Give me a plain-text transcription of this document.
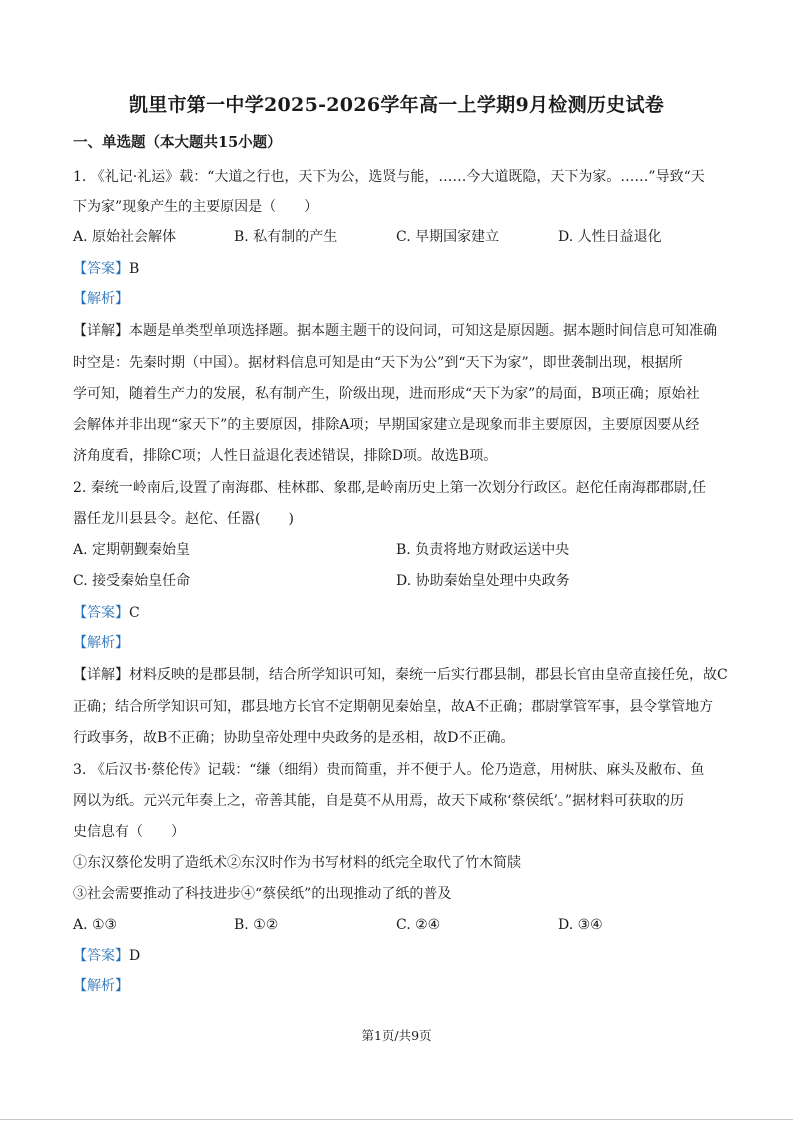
凯里市第一中学2025-2026学年高一上学期9月检测历史试卷
一、单选题（本大题共15小题）
1. 《礼记·礼运》载：“大道之行也，天下为公，选贤与能，……今大道既隐，天下为家。……”导致“天
下为家”现象产生的主要原因是（　　）
A. 原始社会解体	B. 私有制的产生	C. 早期国家建立	D. 人性日益退化
【答案】B
【解析】
【详解】本题是单类型单项选择题。据本题主题干的设问词，可知这是原因题。据本题时间信息可知准确
时空是：先秦时期（中国）。据材料信息可知是由“天下为公”到“天下为家”，即世袭制出现，根据所
学可知，随着生产力的发展，私有制产生，阶级出现，进而形成“天下为家”的局面，B项正确；原始社
会解体并非出现“家天下”的主要原因，排除A项；早期国家建立是现象而非主要原因，主要原因要从经
济角度看，排除C项；人性日益退化表述错误，排除D项。故选B项。
2. 秦统一岭南后,设置了南海郡、桂林郡、象郡,是岭南历史上第一次划分行政区。赵佗任南海郡郡尉,任
嚣任龙川县县令。赵佗、任嚣(　　)
A. 定期朝觐秦始皇	B. 负责将地方财政运送中央
C. 接受秦始皇任命	D. 协助秦始皇处理中央政务
【答案】C
【解析】
【详解】材料反映的是郡县制，结合所学知识可知，秦统一后实行郡县制，郡县长官由皇帝直接任免，故C
正确；结合所学知识可知，郡县地方长官不定期朝见秦始皇，故A不正确；郡尉掌管军事，县令掌管地方
行政事务，故B不正确；协助皇帝处理中央政务的是丞相，故D不正确。
3. 《后汉书·蔡伦传》记载：“缣（细绢）贵而简重，并不便于人。伦乃造意，用树肤、麻头及敝布、鱼
网以为纸。元兴元年奏上之，帝善其能，自是莫不从用焉，故天下咸称‘蔡侯纸’。”据材料可获取的历
史信息有（　　）
①东汉蔡伦发明了造纸术②东汉时作为书写材料的纸完全取代了竹木简牍
③社会需要推动了科技进步④“蔡侯纸”的出现推动了纸的普及
A. ①③	B. ①②	C. ②④	D. ③④
【答案】D
【解析】
第1页/共9页
